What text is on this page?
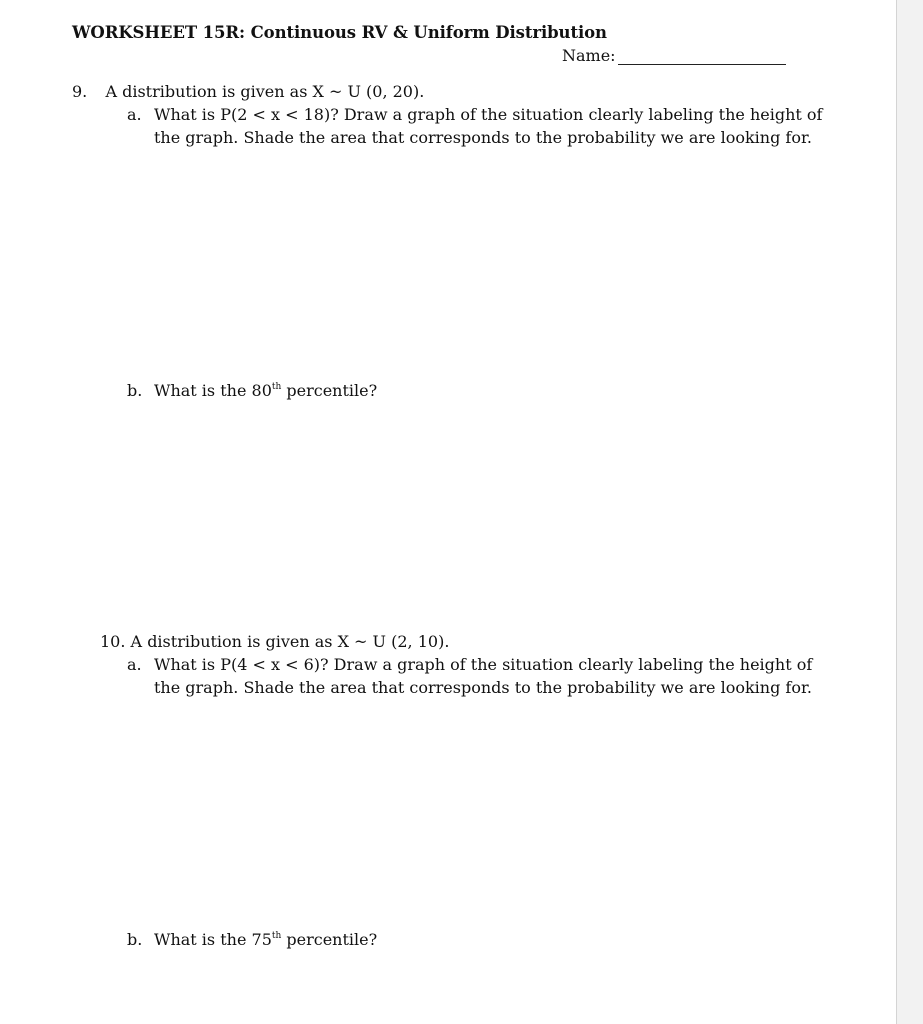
WORKSHEET 15R: Continuous RV & Uniform Distribution
Name:
9. A distribution is given as X ~ U (0, 20).
a. What is P(2 < x < 18)? Draw a graph of the situation clearly labeling the height of
the graph. Shade the area that corresponds to the probability we are looking for.
b. What is the 80th percentile?
10. A distribution is given as X ~ U (2, 10).
a. What is P(4 < x < 6)? Draw a graph of the situation clearly labeling the height of
the graph. Shade the area that corresponds to the probability we are looking for.
b. What is the 75th percentile?
